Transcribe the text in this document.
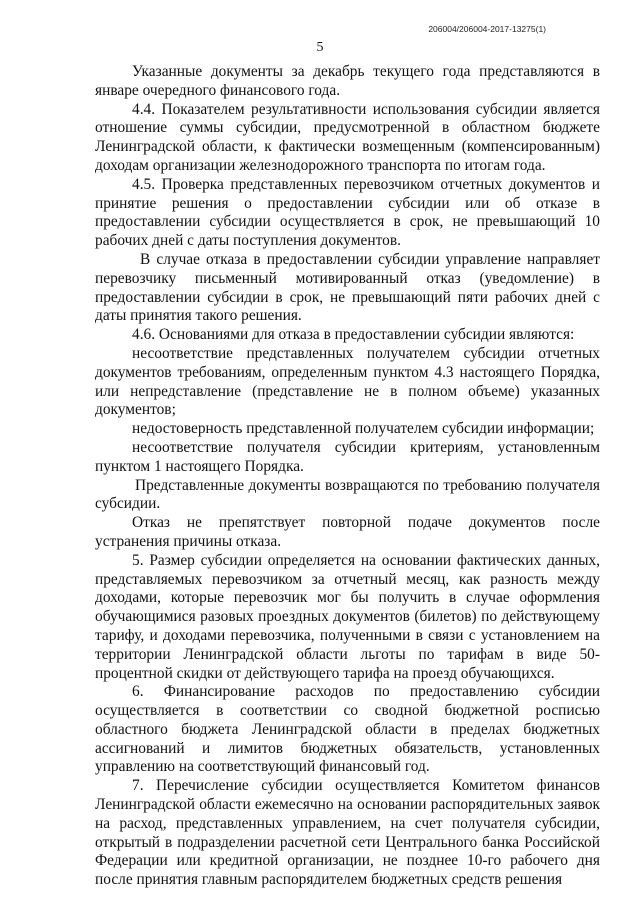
206004/206004-2017-13275(1)
5

Указанные документы за декабрь текущего года представляются в январе очередного финансового года.

4.4. Показателем результативности использования субсидии является отношение суммы субсидии, предусмотренной в областном бюджете Ленинградской области, к фактически возмещенным (компенсированным) доходам организации железнодорожного транспорта по итогам года.

4.5. Проверка представленных перевозчиком отчетных документов и принятие решения о предоставлении субсидии или об отказе в предоставлении субсидии осуществляется в срок, не превышающий 10 рабочих дней с даты поступления документов.

В случае отказа в предоставлении субсидии управление направляет перевозчику письменный мотивированный отказ (уведомление) в предоставлении субсидии в срок, не превышающий пяти рабочих дней с даты принятия такого решения.

4.6. Основаниями для отказа в предоставлении субсидии являются:

несоответствие представленных получателем субсидии отчетных документов требованиям, определенным пунктом 4.3 настоящего Порядка, или непредставление (представление не в полном объеме) указанных документов;

недостоверность представленной получателем субсидии информации;

несоответствие получателя субсидии критериям, установленным пунктом 1 настоящего Порядка.

Представленные документы возвращаются по требованию получателя субсидии.

Отказ не препятствует повторной подаче документов после устранения причины отказа.

5. Размер субсидии определяется на основании фактических данных, представляемых перевозчиком за отчетный месяц, как разность между доходами, которые перевозчик мог бы получить в случае оформления обучающимися разовых проездных документов (билетов) по действующему тарифу, и доходами перевозчика, полученными в связи с установлением на территории Ленинградской области льготы по тарифам в виде 50-процентной скидки от действующего тарифа на проезд обучающихся.

6. Финансирование расходов по предоставлению субсидии осуществляется в соответствии со сводной бюджетной росписью областного бюджета Ленинградской области в пределах бюджетных ассигнований и лимитов бюджетных обязательств, установленных управлению на соответствующий финансовый год.

7. Перечисление субсидии осуществляется Комитетом финансов Ленинградской области ежемесячно на основании распорядительных заявок на расход, представленных управлением, на счет получателя субсидии, открытый в подразделении расчетной сети Центрального банка Российской Федерации или кредитной организации, не позднее 10-го рабочего дня после принятия главным распорядителем бюджетных средств решения
